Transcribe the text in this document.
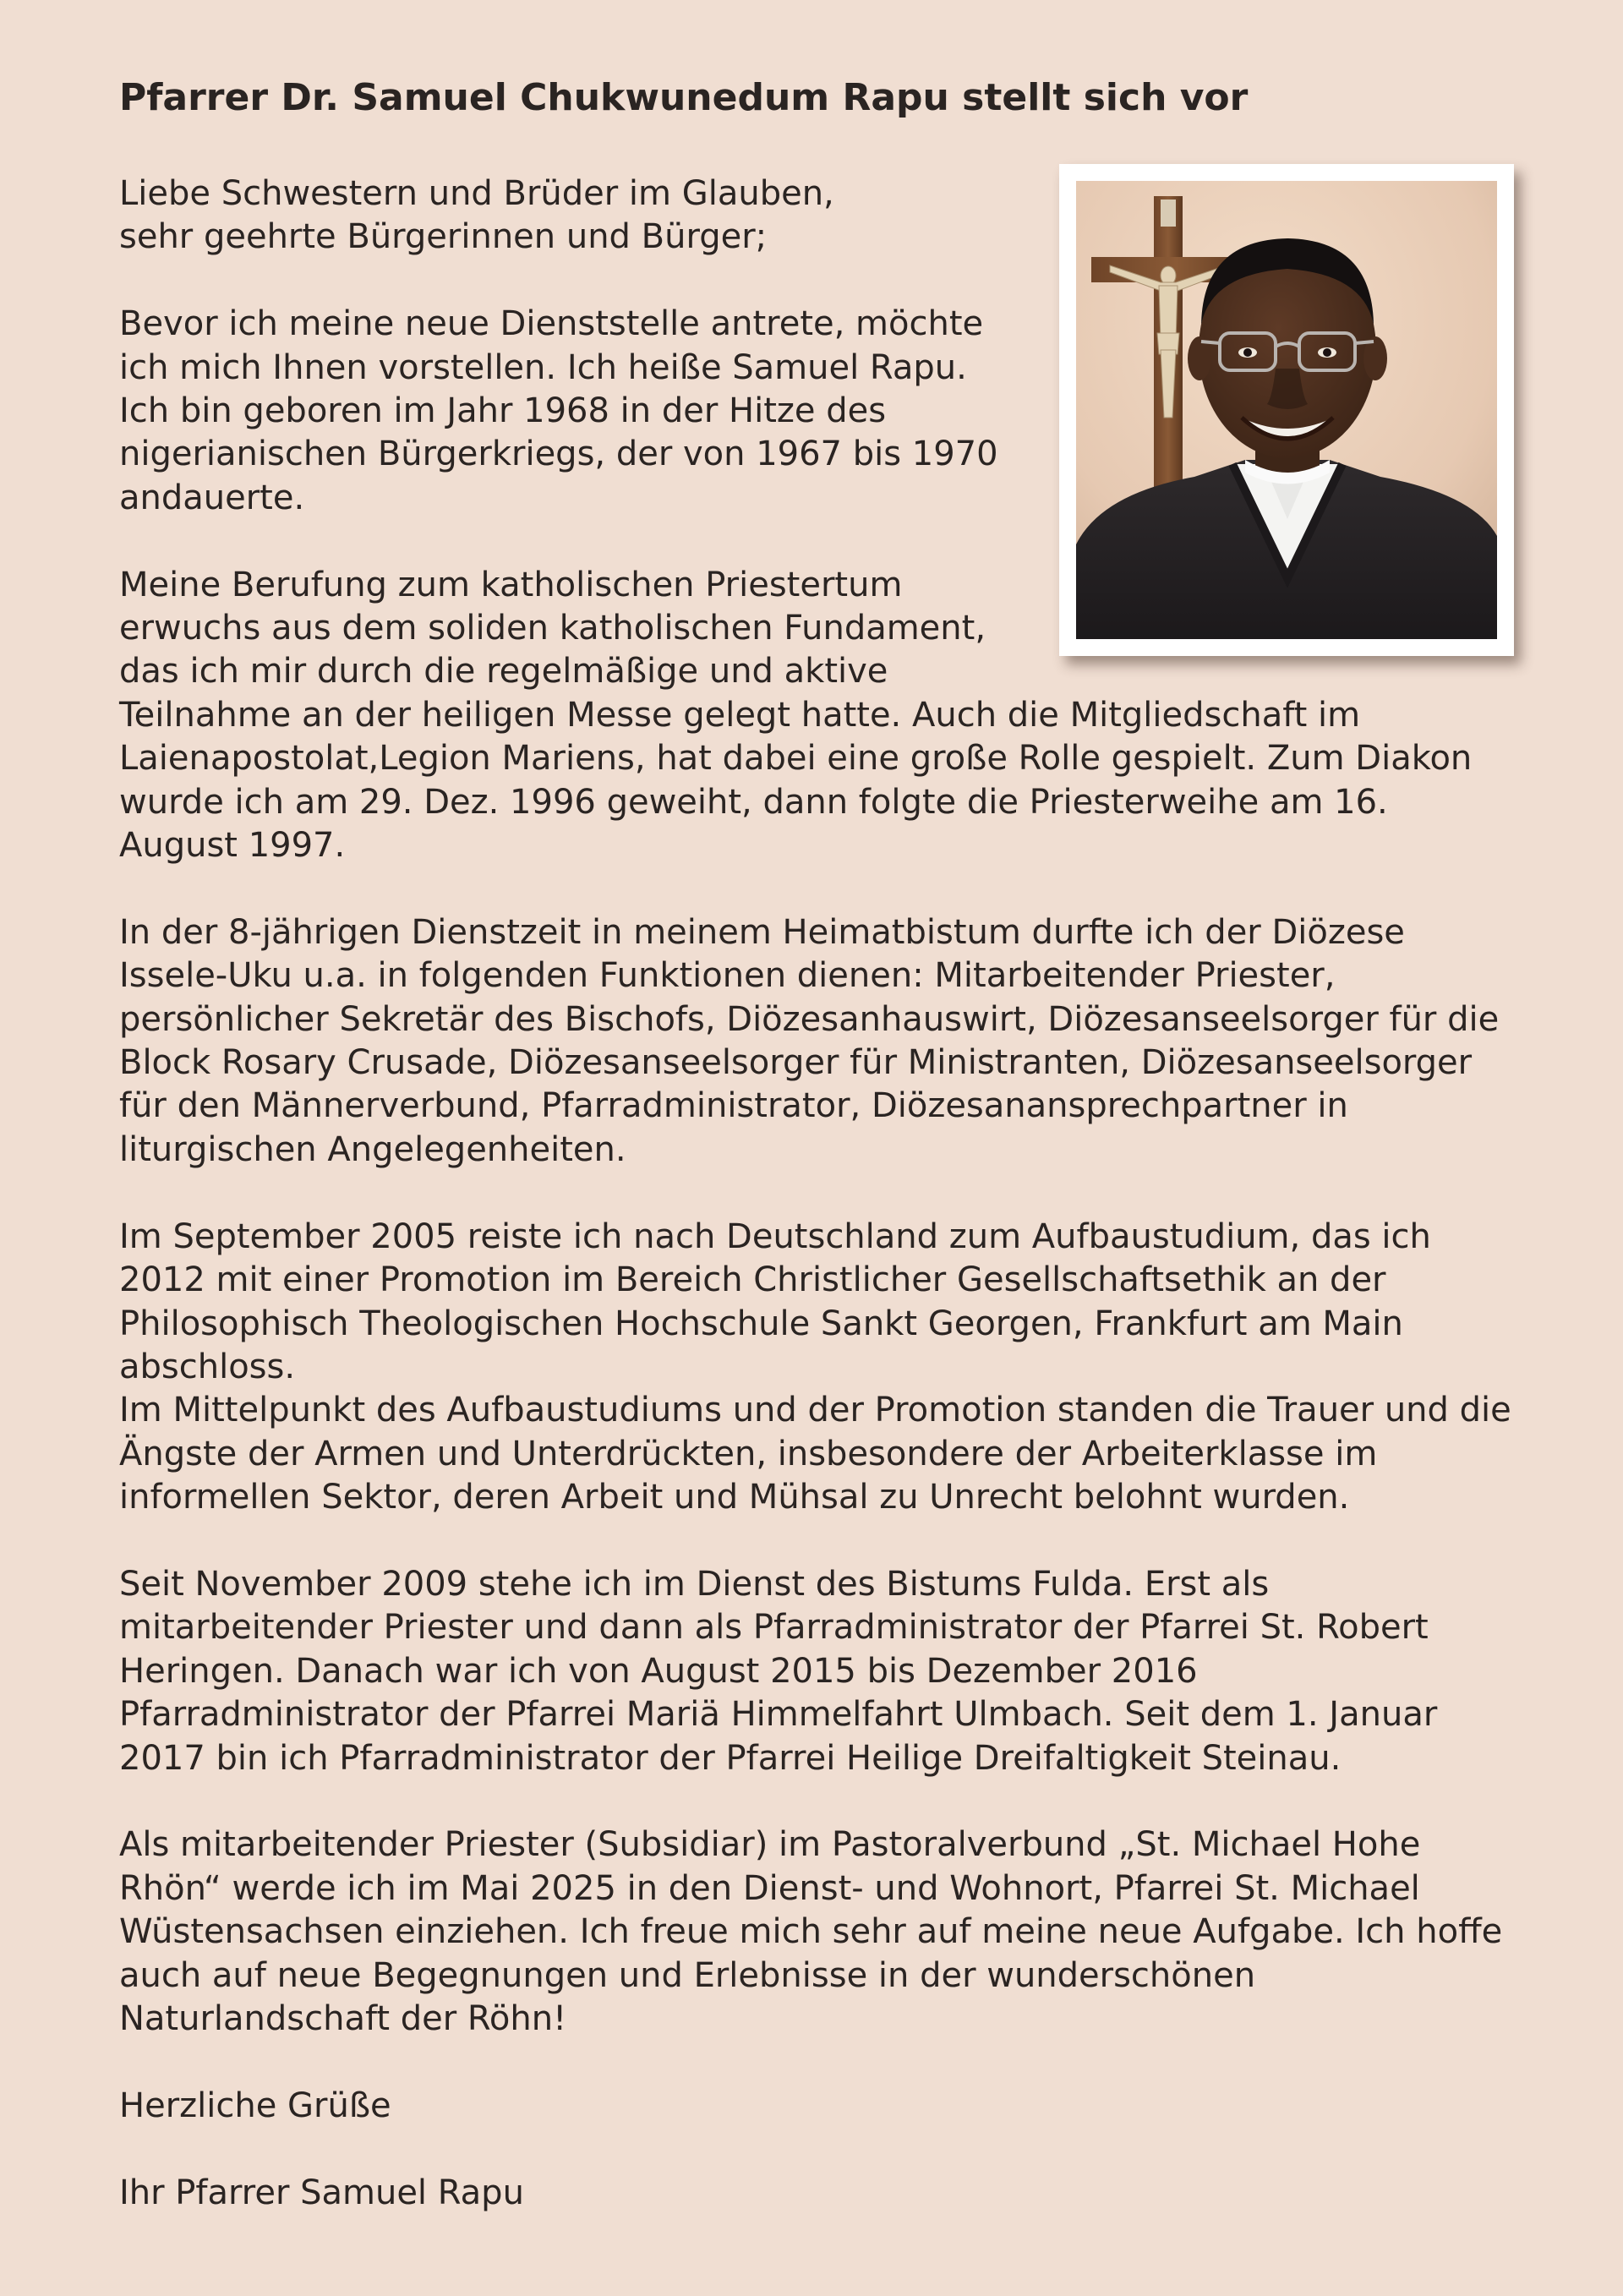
Pfarrer Dr. Samuel Chukwunedum Rapu stellt sich vor

Liebe Schwestern und Brüder im Glauben,
sehr geehrte Bürgerinnen und Bürger;

Bevor ich meine neue Dienststelle antrete, möchte ich mich Ihnen vorstellen. Ich heiße Samuel Rapu. Ich bin geboren im Jahr 1968 in der Hitze des nigerianischen Bürgerkriegs, der von 1967 bis 1970 andauerte.

Meine Berufung zum katholischen Priestertum erwuchs aus dem soliden katholischen Fundament, das ich mir durch die regelmäßige und aktive Teilnahme an der heiligen Messe gelegt hatte. Auch die Mitgliedschaft im Laienapostolat,Legion Mariens, hat dabei eine große Rolle gespielt. Zum Diakon wurde ich am 29. Dez. 1996 geweiht, dann folgte die Priesterweihe am 16. August 1997.

In der 8-jährigen Dienstzeit in meinem Heimatbistum durfte ich der Diözese Issele-Uku u.a. in folgenden Funktionen dienen: Mitarbeitender Priester, persönlicher Sekretär des Bischofs, Diözesanhauswirt, Diözesanseelsorger für die Block Rosary Crusade, Diözesanseelsorger für Ministranten, Diözesanseelsorger für den Männerverbund, Pfarradministrator, Diözesanansprechpartner in liturgischen Angelegenheiten.

Im September 2005 reiste ich nach Deutschland zum Aufbaustudium, das ich 2012 mit einer Promotion im Bereich Christlicher Gesellschaftsethik an der Philosophisch Theologischen Hochschule Sankt Georgen, Frankfurt am Main abschloss.

Im Mittelpunkt des Aufbaustudiums und der Promotion standen die Trauer und die Ängste der Armen und Unterdrückten, insbesondere der Arbeiterklasse im informellen Sektor, deren Arbeit und Mühsal zu Unrecht belohnt wurden.

Seit November 2009 stehe ich im Dienst des Bistums Fulda. Erst als mitarbeitender Priester und dann als Pfarradministrator der Pfarrei St. Robert Heringen. Danach war ich von August 2015 bis Dezember 2016 Pfarradministrator der Pfarrei Mariä Himmelfahrt Ulmbach. Seit dem 1. Januar 2017 bin ich Pfarradministrator der Pfarrei Heilige Dreifaltigkeit Steinau.

Als mitarbeitender Priester (Subsidiar) im Pastoralverbund „St. Michael Hohe Rhön“ werde ich im Mai 2025 in den Dienst- und Wohnort, Pfarrei St. Michael Wüstensachsen einziehen. Ich freue mich sehr auf meine neue Aufgabe. Ich hoffe auch auf neue Begegnungen und Erlebnisse in der wunderschönen Naturlandschaft der Röhn!

Herzliche Grüße

Ihr Pfarrer Samuel Rapu
